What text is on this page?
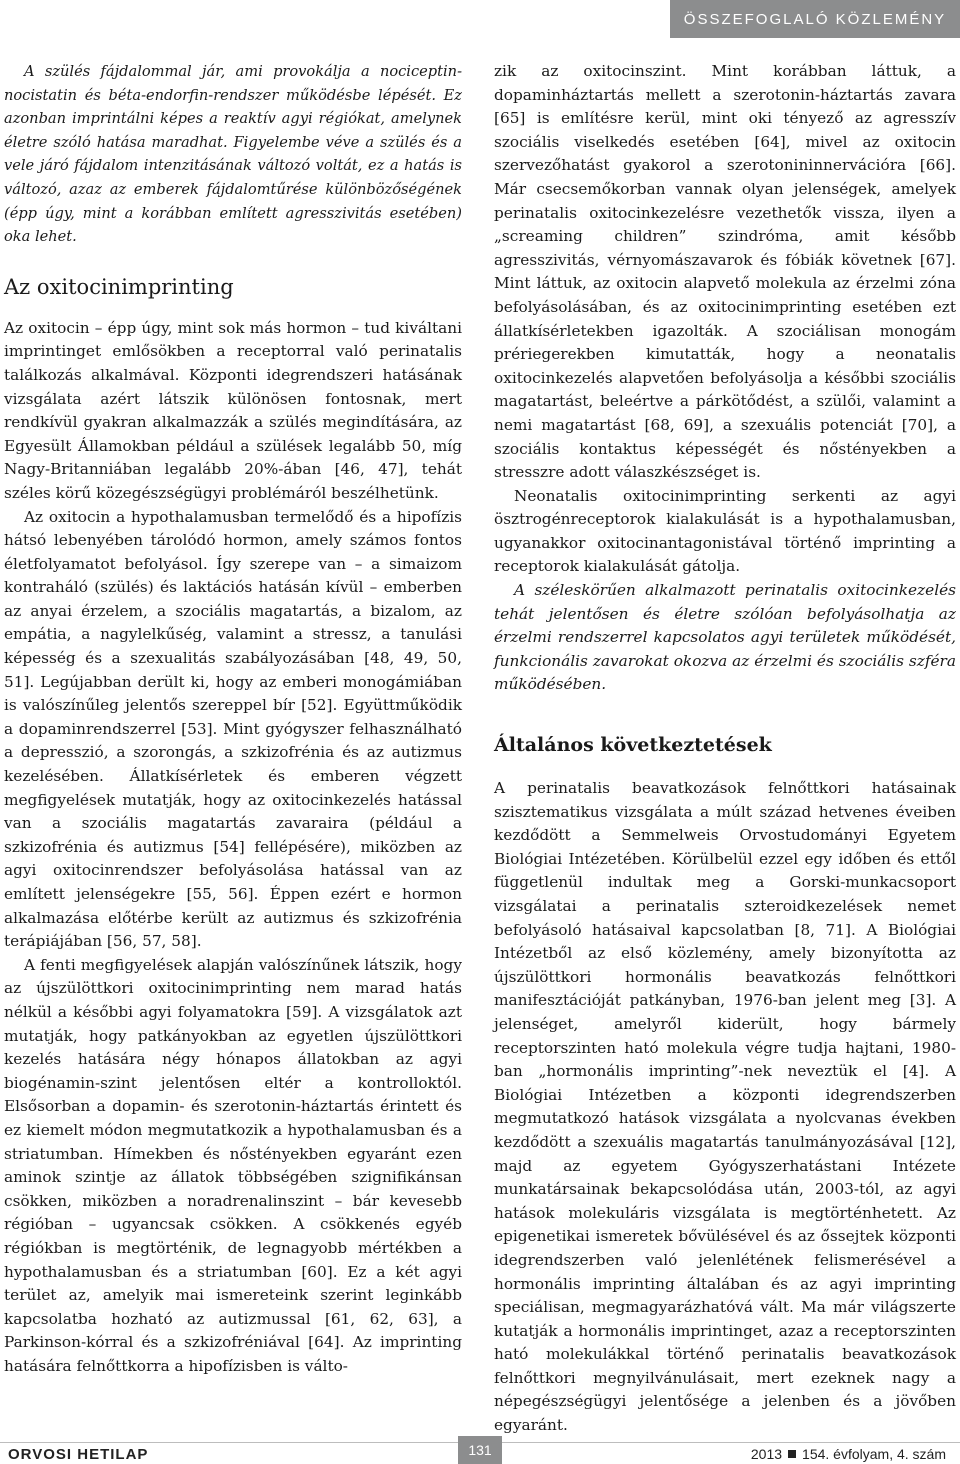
ÖSSZEFOGLALÓ KÖZLEMÉNY

A szülés fájdalommal jár, ami provokálja a nociceptin-nocistatin és béta-endorfin-rendszer működésbe lépését. Ez azonban imprintálni képes a reaktív agyi régiókat, amelynek életre szóló hatása maradhat. Figyelembe véve a szülés és a vele járó fájdalom intenzitásának változó voltát, ez a hatás is változó, azaz az emberek fájdalomtűrése különbözőségének (épp úgy, mint a korábban említett agresszivitás esetében) oka lehet.

Az oxitocinimprinting

Az oxitocin – épp úgy, mint sok más hormon – tud kiváltani imprintinget emlősökben a receptorral való perinatalis találkozás alkalmával. Központi idegrendszeri hatásának vizsgálata azért látszik különösen fontosnak, mert rendkívül gyakran alkalmazzák a szülés megindítására, az Egyesült Államokban például a szülések legalább 50, míg Nagy-Britanniában legalább 20%-ában [46, 47], tehát széles körű közegészségügyi problémáról beszélhetünk.

Az oxitocin a hypothalamusban termelődő és a hipofízis hátsó lebenyében tárolódó hormon, amely számos fontos életfolyamatot befolyásol. Így szerepe van – a simaizom kontraháló (szülés) és laktációs hatásán kívül – emberben az anyai érzelem, a szociális magatartás, a bizalom, az empátia, a nagylelkűség, valamint a stressz, a tanulási képesség és a szexualitás szabályozásában [48, 49, 50, 51]. Legújabban derült ki, hogy az emberi monogámiában is valószínűleg jelentős szereppel bír [52]. Együttműködik a dopaminrendszerrel [53]. Mint gyógyszer felhasználható a depresszió, a szorongás, a szkizofrénia és az autizmus kezelésében. Állatkísérletek és emberen végzett megfigyelések mutatják, hogy az oxitocinkezelés hatással van a szociális magatartás zavaraira (például a szkizofrénia és autizmus [54] fellépésére), miközben az agyi oxitocinrendszer befolyásolása hatással van az említett jelenségekre [55, 56]. Éppen ezért e hormon alkalmazása előtérbe került az autizmus és szkizofrénia terápiájában [56, 57, 58].

A fenti megfigyelések alapján valószínűnek látszik, hogy az újszülöttkori oxitocinimprinting nem marad hatás nélkül a későbbi agyi folyamatokra [59]. A vizsgálatok azt mutatják, hogy patkányokban az egyetlen újszülöttkori kezelés hatására négy hónapos állatokban az agyi biogénamin-szint jelentősen eltér a kontrolloktól. Elsősorban a dopamin- és szerotonin-háztartás érintett és ez kiemelt módon megmutatkozik a hypothalamusban és a striatumban. Hímekben és nőstényekben egyaránt ezen aminok szintje az állatok többségében szignifikánsan csökken, miközben a noradrenalinszint – bár kevesebb régióban – ugyancsak csökken. A csökkenés egyéb régiókban is megtörténik, de legnagyobb mértékben a hypothalamusban és a striatumban [60]. Ez a két agyi terület az, amelyik mai ismereteink szerint leginkább kapcsolatba hozható az autizmussal [61, 62, 63], a Parkinson-kórral és a szkizofréniával [64]. Az imprinting hatására felnőttkorra a hipofízisben is válto-

zik az oxitocinszint. Mint korábban láttuk, a dopaminháztartás mellett a szerotonin-háztartás zavara [65] is említésre kerül, mint oki tényező az agresszív szociális viselkedés esetében [64], mivel az oxitocin szervezőhatást gyakorol a szerotonininnervációra [66]. Már csecsemőkorban vannak olyan jelenségek, amelyek perinatalis oxitocinkezelésre vezethetők vissza, ilyen a „screaming children” szindróma, amit később agresszivitás, vérnyomászavarok és fóbiák követnek [67]. Mint láttuk, az oxitocin alapvető molekula az érzelmi zóna befolyásolásában, és az oxitocinimprinting esetében ezt állatkísérletekben igazolták. A szociálisan monogám prériegerekben kimutatták, hogy a neonatalis oxitocinkezelés alapvetően befolyásolja a későbbi szociális magatartást, beleértve a párkötődést, a szülői, valamint a nemi magatartást [68, 69], a szexuális potenciát [70], a szociális kontaktus képességét és nőstényekben a stresszre adott válaszkészséget is.

Neonatalis oxitocinimprinting serkenti az agyi ösztrogénreceptorok kialakulását is a hypothalamusban, ugyanakkor oxitocinantagonistával történő imprinting a receptorok kialakulását gátolja.

A széleskörűen alkalmazott perinatalis oxitocinkezelés tehát jelentősen és életre szólóan befolyásolhatja az érzelmi rendszerrel kapcsolatos agyi területek működését, funkcionális zavarokat okozva az érzelmi és szociális szféra működésében.

Általános következtetések

A perinatalis beavatkozások felnőttkori hatásainak szisztematikus vizsgálata a múlt század hetvenes éveiben kezdődött a Semmelweis Orvostudományi Egyetem Biológiai Intézetében. Körülbelül ezzel egy időben és ettől függetlenül indultak meg a Gorski-munkacsoport vizsgálatai a perinatalis szteroidkezelések nemet befolyásoló hatásaival kapcsolatban [8, 71]. A Biológiai Intézetből az első közlemény, amely bizonyította az újszülöttkori hormonális beavatkozás felnőttkori manifesztációját patkányban, 1976-ban jelent meg [3]. A jelenséget, amelyről kiderült, hogy bármely receptorszinten ható molekula végre tudja hajtani, 1980-ban „hormonális imprinting”-nek neveztük el [4]. A Biológiai Intézetben a központi idegrendszerben megmutatkozó hatások vizsgálata a nyolcvanas években kezdődött a szexuális magatartás tanulmányozásával [12], majd az egyetem Gyógyszerhatástani Intézete munkatársainak bekapcsolódása után, 2003-tól, az agyi hatások molekuláris vizsgálata is megtörténhetett. Az epigenetikai ismeretek bővülésével és az őssejtek központi idegrendszerben való jelenlétének felismerésével a hormonális imprinting általában és az agyi imprinting speciálisan, megmagyarázhatóvá vált. Ma már világszerte kutatják a hormonális imprintinget, azaz a receptorszinten ható molekulákkal történő perinatalis beavatkozások felnőttkori megnyilvánulásait, mert ezeknek nagy a népegészségügyi jelentősége a jelenben és a jövőben egyaránt.

ORVOSI HETILAP	131	2013 154. évfolyam, 4. szám
